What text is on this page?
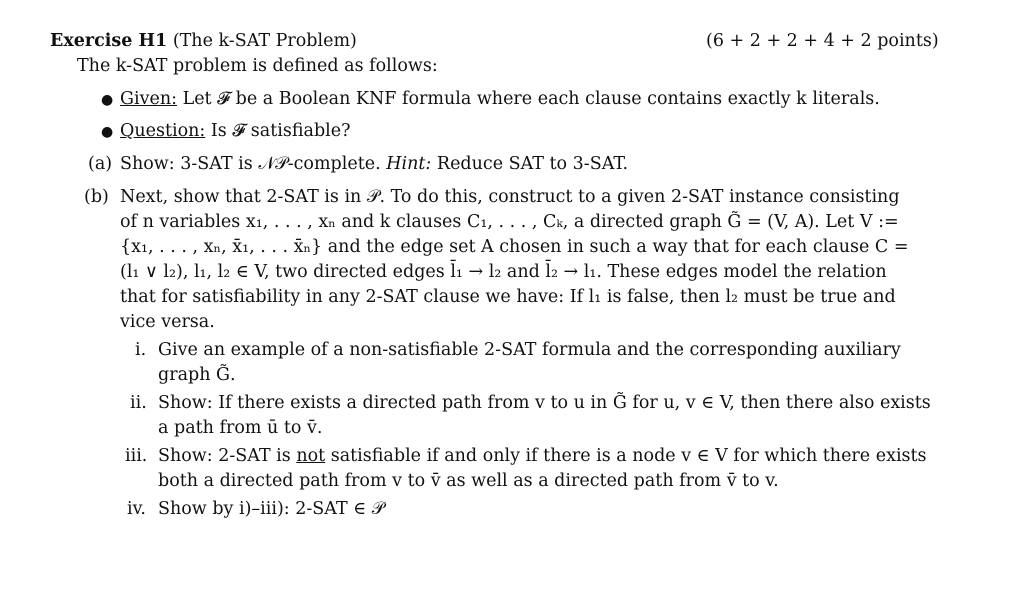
Exercise H1 (The k-SAT Problem)	(6 + 2 + 2 + 4 + 2 points)
The k-SAT problem is defined as follows:
● Given: Let 𝓕 be a Boolean KNF formula where each clause contains exactly k literals.
● Question: Is 𝓕 satisfiable?
(a) Show: 3-SAT is 𝒩𝒫-complete. Hint: Reduce SAT to 3-SAT.
(b) Next, show that 2-SAT is in 𝒫. To do this, construct to a given 2-SAT instance consisting
of n variables x₁, . . . , xₙ and k clauses C₁, . . . , Cₖ, a directed graph G̃ = (V, A). Let V :=
{x₁, . . . , xₙ, x̄₁, . . . x̄ₙ} and the edge set A chosen in such a way that for each clause C =
(l₁ ∨ l₂), l₁, l₂ ∈ V, two directed edges l̄₁ → l₂ and l̄₂ → l₁. These edges model the relation
that for satisfiability in any 2-SAT clause we have: If l₁ is false, then l₂ must be true and
vice versa.
i. Give an example of a non-satisfiable 2-SAT formula and the corresponding auxiliary
graph G̃.
ii. Show: If there exists a directed path from v to u in G̃ for u, v ∈ V, then there also exists
a path from ū to v̄.
iii. Show: 2-SAT is not satisfiable if and only if there is a node v ∈ V for which there exists
both a directed path from v to v̄ as well as a directed path from v̄ to v.
iv. Show by i)–iii): 2-SAT ∈ 𝒫
